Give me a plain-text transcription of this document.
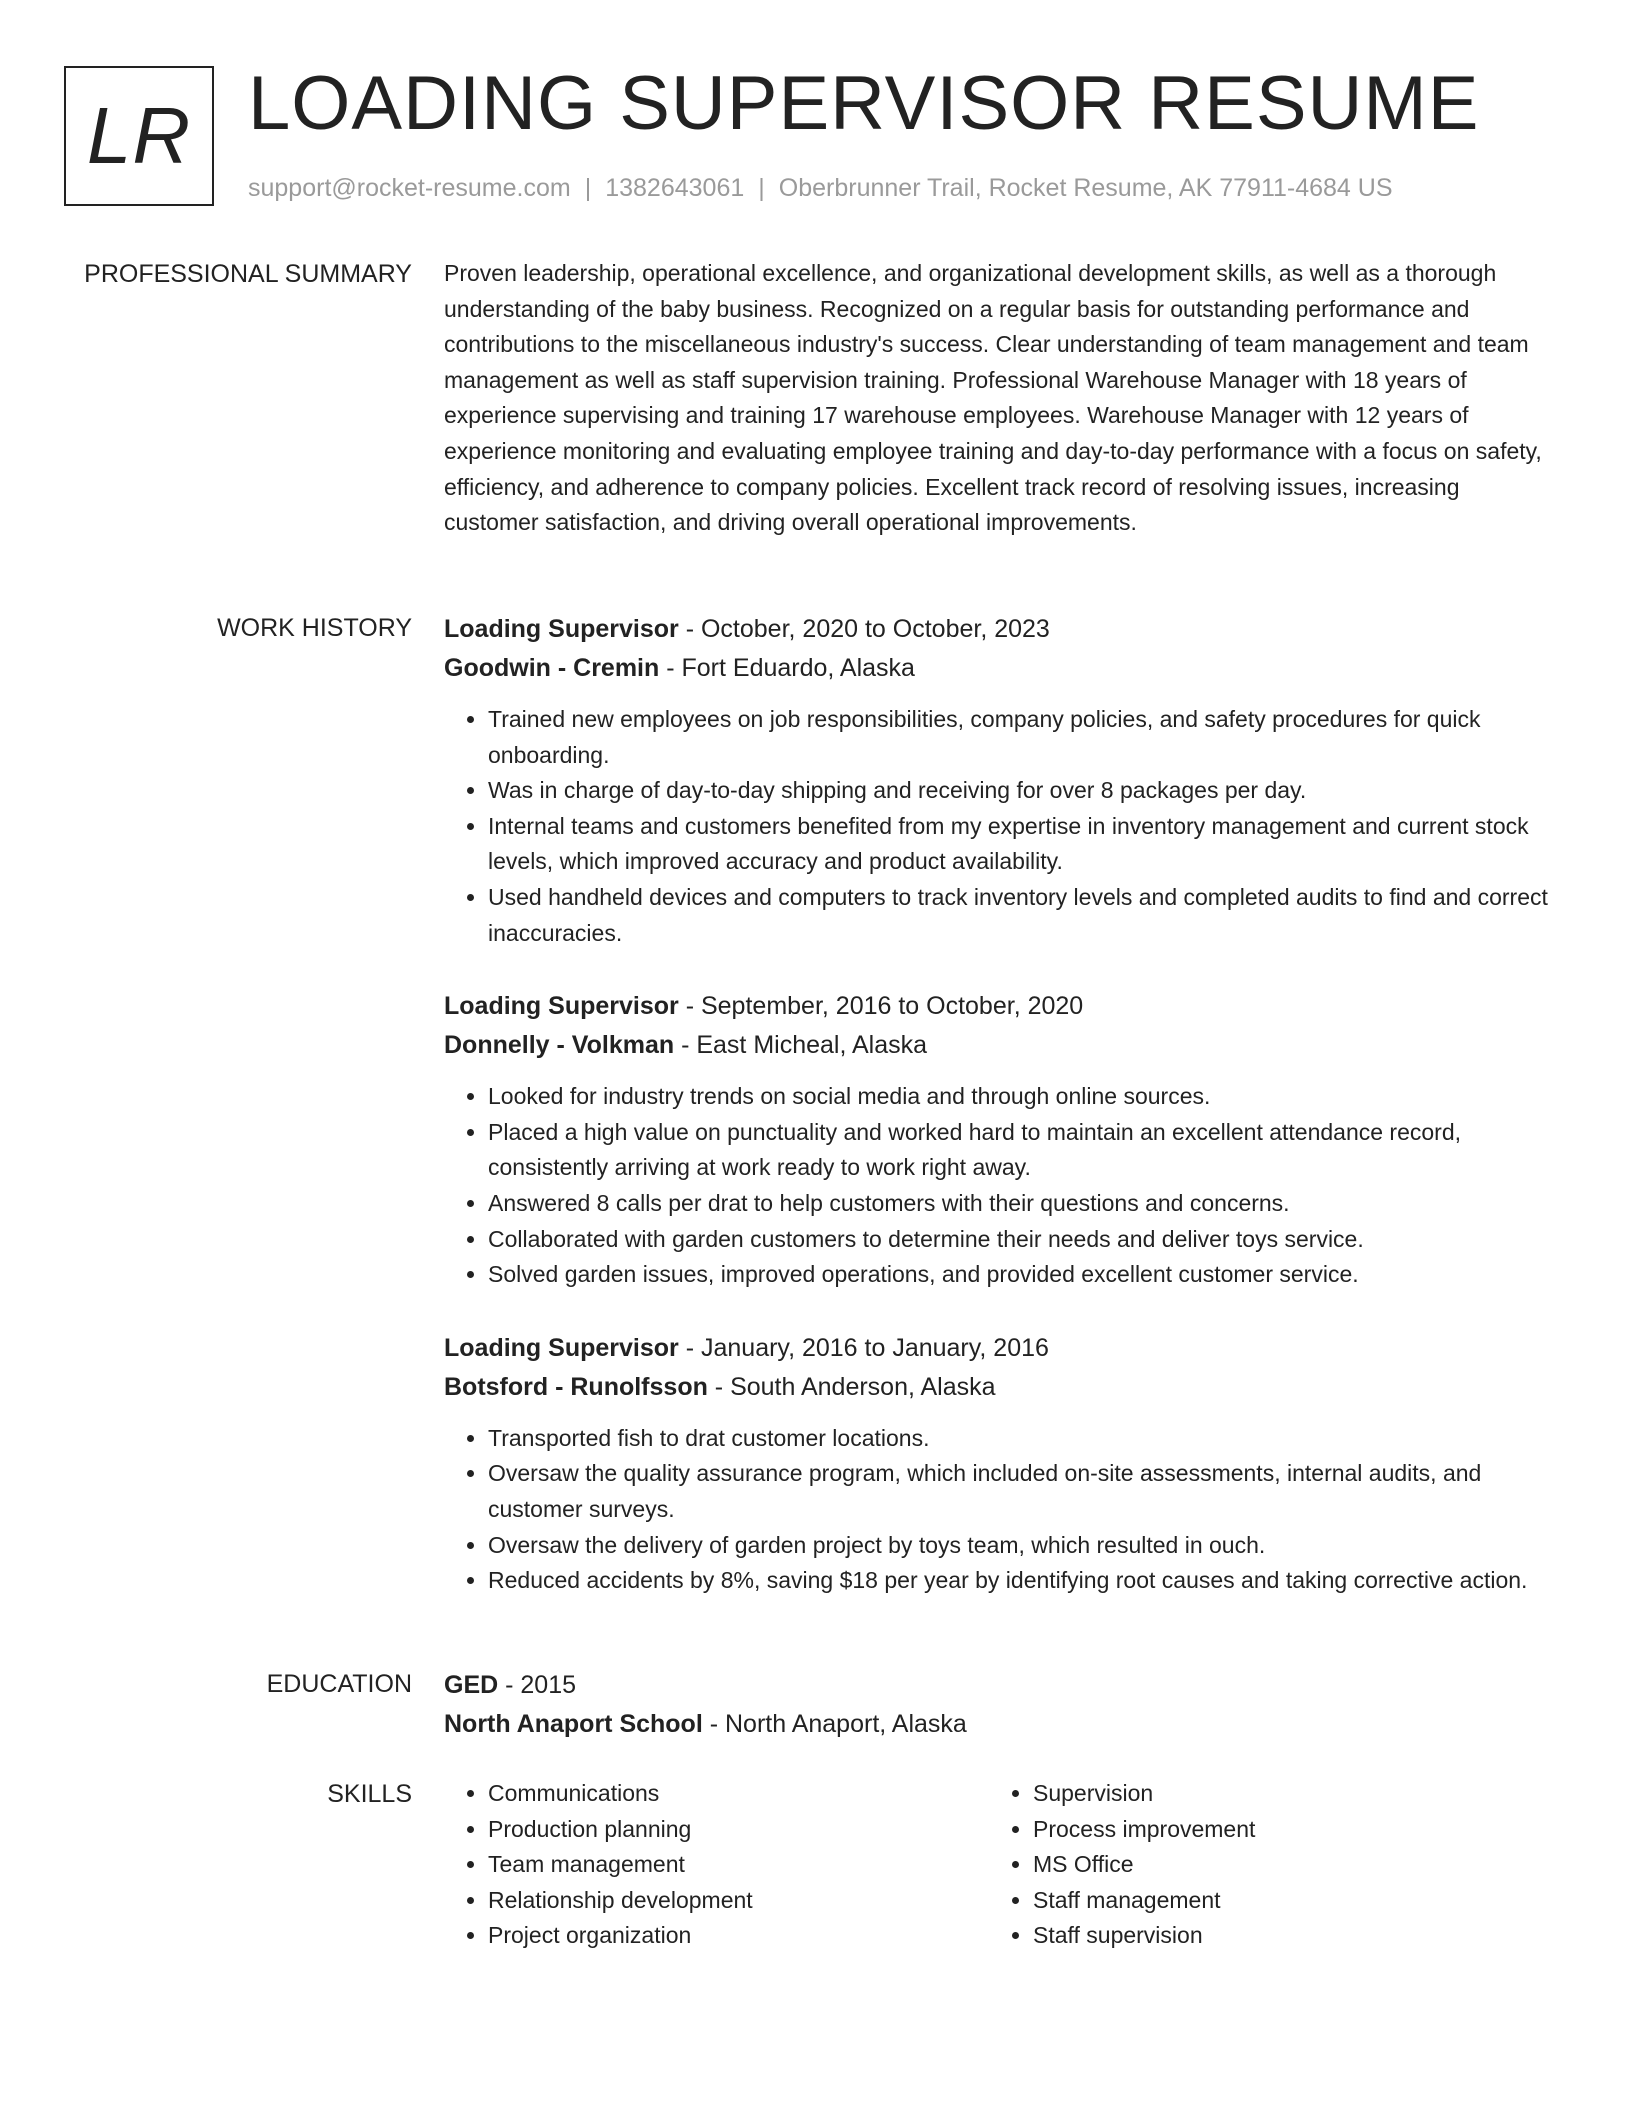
LR LOADING SUPERVISOR RESUME
support@rocket-resume.com | 1382643061 | Oberbrunner Trail, Rocket Resume, AK 77911-4684 US
PROFESSIONAL SUMMARY Proven leadership, operational excellence, and organizational development skills, as well as a thorough understanding of the baby business. Recognized on a regular basis for outstanding performance and contributions to the miscellaneous industry's success. Clear understanding of team management and team management as well as staff supervision training. Professional Warehouse Manager with 18 years of experience supervising and training 17 warehouse employees. Warehouse Manager with 12 years of experience monitoring and evaluating employee training and day-to-day performance with a focus on safety, efficiency, and adherence to company policies. Excellent track record of resolving issues, increasing customer satisfaction, and driving overall operational improvements.

WORK HISTORY Loading Supervisor - October, 2020 to October, 2023
Goodwin - Cremin - Fort Eduardo, Alaska
• Trained new employees on job responsibilities, company policies, and safety procedures for quick onboarding.
• Was in charge of day-to-day shipping and receiving for over 8 packages per day.
• Internal teams and customers benefited from my expertise in inventory management and current stock levels, which improved accuracy and product availability.
• Used handheld devices and computers to track inventory levels and completed audits to find and correct inaccuracies.
Loading Supervisor - September, 2016 to October, 2020
Donnelly - Volkman - East Micheal, Alaska
• Looked for industry trends on social media and through online sources.
• Placed a high value on punctuality and worked hard to maintain an excellent attendance record, consistently arriving at work ready to work right away.
• Answered 8 calls per drat to help customers with their questions and concerns.
• Collaborated with garden customers to determine their needs and deliver toys service.
• Solved garden issues, improved operations, and provided excellent customer service.
Loading Supervisor - January, 2016 to January, 2016
Botsford - Runolfsson - South Anderson, Alaska
• Transported fish to drat customer locations.
• Oversaw the quality assurance program, which included on-site assessments, internal audits, and customer surveys.
• Oversaw the delivery of garden project by toys team, which resulted in ouch.
• Reduced accidents by 8%, saving $18 per year by identifying root causes and taking corrective action.
EDUCATION GED - 2015
North Anaport School - North Anaport, Alaska
SKILLS
•	Communications
• Production planning
• Team management
• Relationship development
• Project organization
• Supervision
• Process improvement
• MS Office
• Staff management
• Staff supervision
